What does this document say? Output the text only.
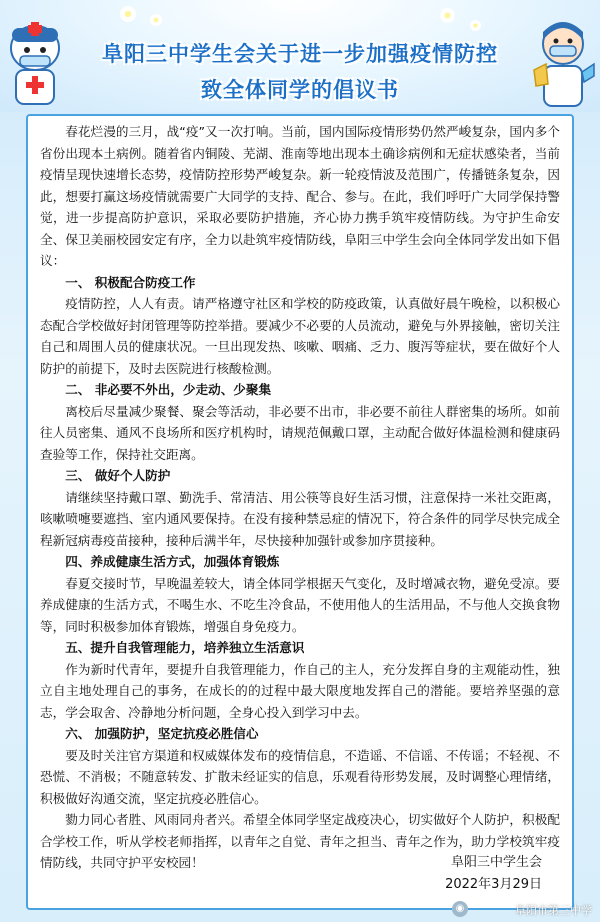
阜阳三中学生会关于进一步加强疫情防控
致全体同学的倡议书

春花烂漫的三月，战“疫”又一次打响。当前，国内国际疫情形势仍然严峻复杂，国内多个省份出现本土病例。随着省内铜陵、芜湖、淮南等地出现本土确诊病例和无症状感染者，当前疫情呈现快速增长态势，疫情防控形势严峻复杂。新一轮疫情波及范围广，传播链条复杂，因此，想要打赢这场疫情就需要广大同学的支持、配合、参与。在此，我们呼吁广大同学保持警觉，进一步提高防护意识，采取必要防护措施，齐心协力携手筑牢疫情防线。为守护生命安全、保卫美丽校园安定有序，全力以赴筑牢疫情防线，阜阳三中学生会向全体同学发出如下倡议：

一、 积极配合防疫工作

疫情防控，人人有责。请严格遵守社区和学校的防疫政策，认真做好晨午晚检，以积极心态配合学校做好封闭管理等防控举措。要减少不必要的人员流动，避免与外界接触，密切关注自己和周围人员的健康状况。一旦出现发热、咳嗽、咽痛、乏力、腹泻等症状，要在做好个人防护的前提下，及时去医院进行核酸检测。

二、 非必要不外出，少走动、少聚集

离校后尽量减少聚餐、聚会等活动，非必要不出市，非必要不前往人群密集的场所。如前往人员密集、通风不良场所和医疗机构时，请规范佩戴口罩，主动配合做好体温检测和健康码查验等工作，保持社交距离。

三、 做好个人防护

请继续坚持戴口罩、勤洗手、常清洁、用公筷等良好生活习惯，注意保持一米社交距离，咳嗽喷嚏要遮挡、室内通风要保持。在没有接种禁忌症的情况下，符合条件的同学尽快完成全程新冠病毒疫苗接种，接种后满半年，尽快接种加强针或参加序贯接种。

四、养成健康生活方式，加强体育锻炼

春夏交接时节，早晚温差较大，请全体同学根据天气变化，及时增减衣物，避免受凉。要养成健康的生活方式，不喝生水、不吃生冷食品，不使用他人的生活用品，不与他人交换食物等，同时积极参加体育锻炼，增强自身免疫力。

五、提升自我管理能力，培养独立生活意识

作为新时代青年，要提升自我管理能力，作自己的主人，充分发挥自身的主观能动性，独立自主地处理自己的事务，在成长的的过程中最大限度地发挥自己的潜能。要培养坚强的意志，学会取舍、冷静地分析问题，全身心投入到学习中去。

六、 加强防护，坚定抗疫必胜信心

要及时关注官方渠道和权威媒体发布的疫情信息，不造谣、不信谣、不传谣；不轻视、不恐慌、不消极；不随意转发、扩散未经证实的信息，乐观看待形势发展，及时调整心理情绪，积极做好沟通交流，坚定抗疫必胜信心。

勠力同心者胜、风雨同舟者兴。希望全体同学坚定战疫决心，切实做好个人防护，积极配合学校工作，听从学校老师指挥，以青年之自觉、青年之担当、青年之作为，助力学校筑牢疫情防线，共同守护平安校园！	阜阳三中学生会
2022年3月29日
◉	阜阳市第三中学
